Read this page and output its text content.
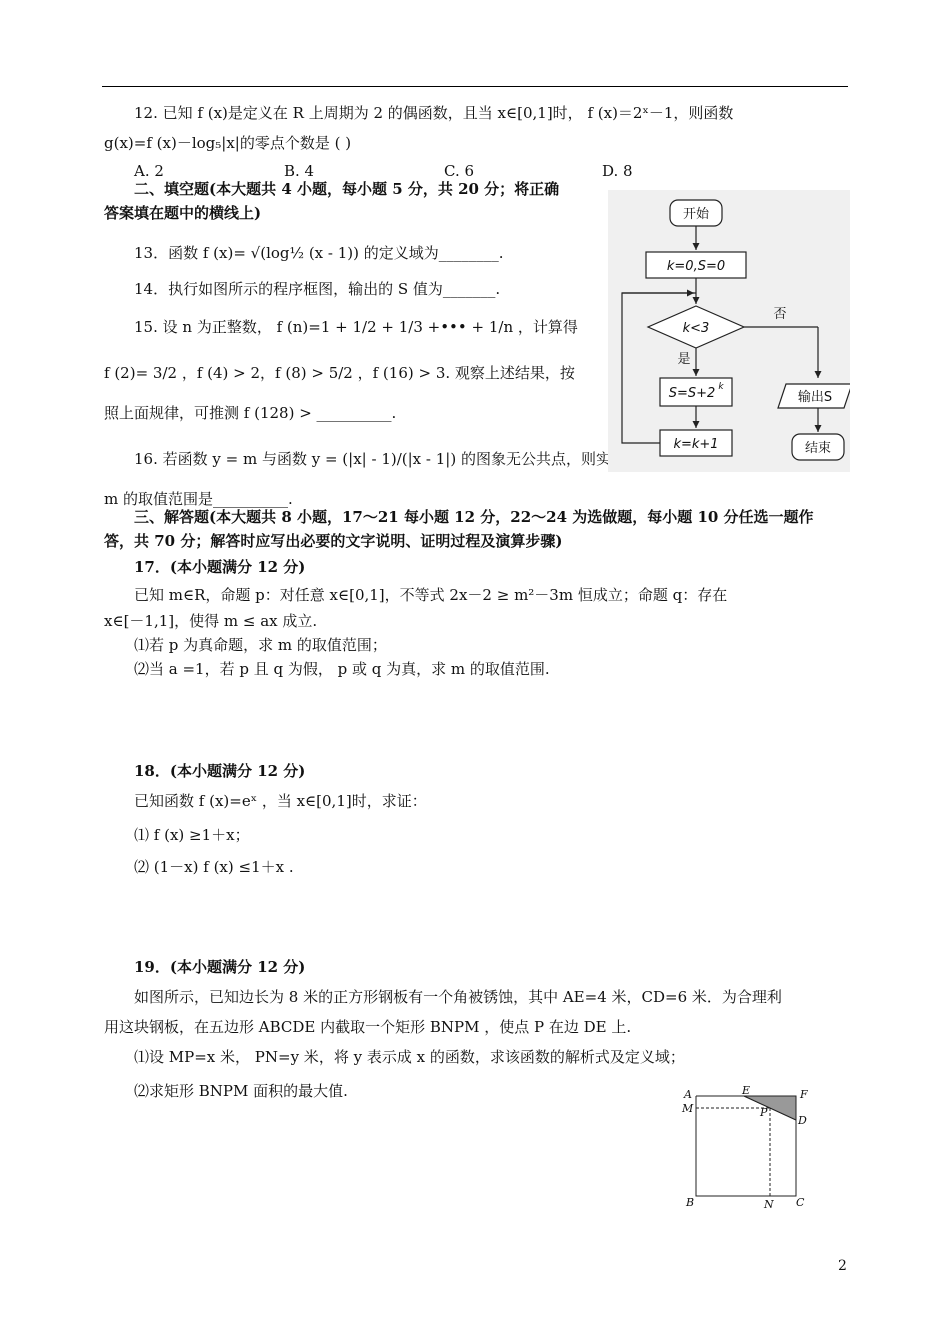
12. 已知 f (x)是定义在 R 上周期为 2 的偶函数，且当 x∈[0,1]时， f (x)＝2ˣ－1，则函数
g(x)=f (x)－log₅|x|的零点个数是 ( )
A. 2	B. 4	C. 6	D. 8
二、填空题(本大题共 4 小题，每小题 5 分，共 20 分；将正确
答案填在题中的横线上)
13．函数 f (x)= √(log½ (x - 1)) 的定义域为________.
14．执行如图所示的程序框图，输出的 S 值为_______.
15. 设 n 为正整数， f (n)=1 + 1/2 + 1/3 +••• + 1/n ，计算得
f (2)= 3/2 ，f (4) > 2，f (8) > 5/2 ，f (16) > 3. 观察上述结果，按
照上面规律，可推测 f (128) > __________.
16. 若函数 y = m 与函数 y = (|x| - 1)/(|x - 1|) 的图象无公共点，则实数
m 的取值范围是__________.
开始
k=0,S=0
k<3
否
是
S=S+2 k
k=k+1
输出S
结束
三、解答题(本大题共 8 小题，17～21 每小题 12 分，22～24 为选做题，每小题 10 分任选一题作
答，共 70 分；解答时应写出必要的文字说明、证明过程及演算步骤)
17．(本小题满分 12 分)
已知 m∈R，命题 p：对任意 x∈[0,1]，不等式 2x－2 ≥ m²－3m 恒成立；命题 q：存在
x∈[－1,1]，使得 m ≤ ax 成立.
⑴若 p 为真命题，求 m 的取值范围；
⑵当 a =1，若 p 且 q 为假， p 或 q 为真，求 m 的取值范围.
18．(本小题满分 12 分)
已知函数 f (x)=eˣ ，当 x∈[0,1]时，求证：
⑴ f (x) ≥1＋x；
⑵ (1－x) f (x) ≤1＋x .
19．(本小题满分 12 分)
如图所示，已知边长为 8 米的正方形钢板有一个角被锈蚀，其中 AE=4 米，CD=6 米．为合理利
用这块钢板，在五边形 ABCDE 内截取一个矩形 BNPM ，使点 P 在边 DE 上.
⑴设 MP=x 米， PN=y 米，将 y 表示成 x 的函数，求该函数的解析式及定义域；
⑵求矩形 BNPM 面积的最大值.	A	E	F
M	P
D
B	N C
2
